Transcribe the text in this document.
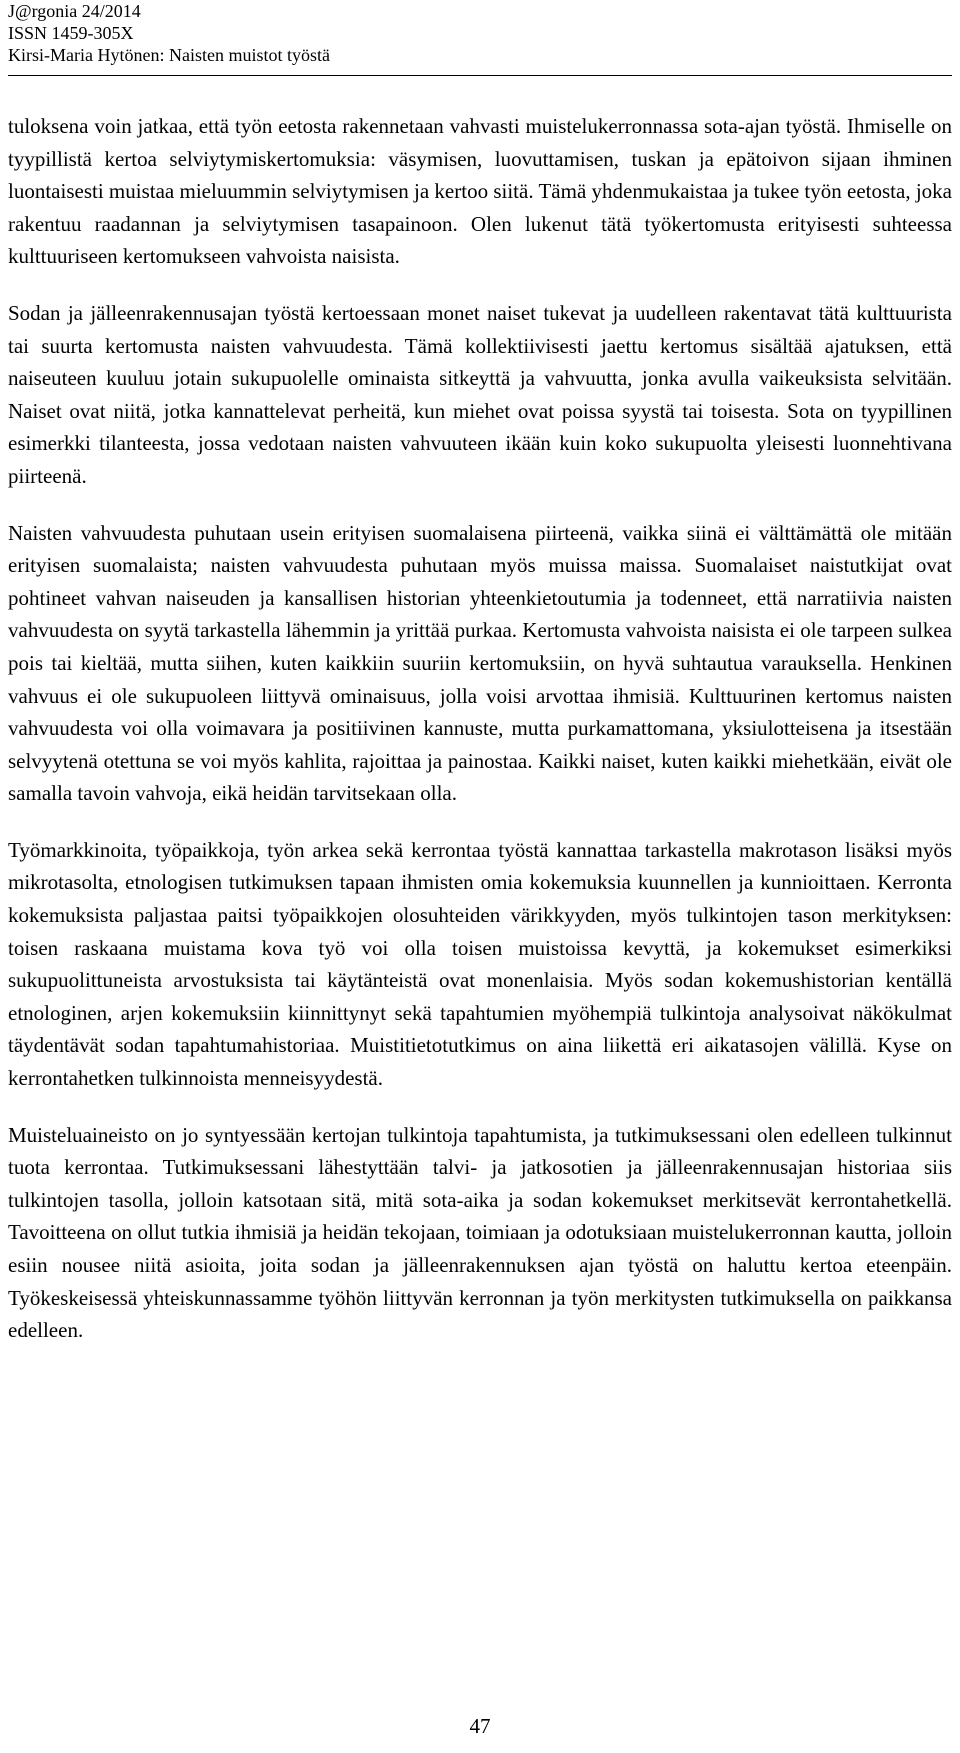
J@rgonia 24/2014
ISSN 1459-305X
Kirsi-Maria Hytönen: Naisten muistot työstä

tuloksena voin jatkaa, että työn eetosta rakennetaan vahvasti muistelukerronnassa sota-ajan työstä. Ihmiselle on tyypillistä kertoa selviytymiskertomuksia: väsymisen, luovuttamisen, tuskan ja epätoivon sijaan ihminen luontaisesti muistaa mieluummin selviytymisen ja kertoo siitä. Tämä yhdenmukaistaa ja tukee työn eetosta, joka rakentuu raadannan ja selviytymisen tasapainoon. Olen lukenut tätä työkertomusta erityisesti suhteessa kulttuuriseen kertomukseen vahvoista naisista.

Sodan ja jälleenrakennusajan työstä kertoessaan monet naiset tukevat ja uudelleen rakentavat tätä kulttuurista tai suurta kertomusta naisten vahvuudesta. Tämä kollektiivisesti jaettu kertomus sisältää ajatuksen, että naiseuteen kuuluu jotain sukupuolelle ominaista sitkeyttä ja vahvuutta, jonka avulla vaikeuksista selvitään. Naiset ovat niitä, jotka kannattelevat perheitä, kun miehet ovat poissa syystä tai toisesta. Sota on tyypillinen esimerkki tilanteesta, jossa vedotaan naisten vahvuuteen ikään kuin koko sukupuolta yleisesti luonnehtivana piirteenä.

Naisten vahvuudesta puhutaan usein erityisen suomalaisena piirteenä, vaikka siinä ei välttämättä ole mitään erityisen suomalaista; naisten vahvuudesta puhutaan myös muissa maissa. Suomalaiset naistutkijat ovat pohtineet vahvan naiseuden ja kansallisen historian yhteenkietoutumia ja todenneet, että narratiivia naisten vahvuudesta on syytä tarkastella lähemmin ja yrittää purkaa. Kertomusta vahvoista naisista ei ole tarpeen sulkea pois tai kieltää, mutta siihen, kuten kaikkiin suuriin kertomuksiin, on hyvä suhtautua varauksella. Henkinen vahvuus ei ole sukupuoleen liittyvä ominaisuus, jolla voisi arvottaa ihmisiä. Kulttuurinen kertomus naisten vahvuudesta voi olla voimavara ja positiivinen kannuste, mutta purkamattomana, yksiulotteisena ja itsestään selvyytenä otettuna se voi myös kahlita, rajoittaa ja painostaa. Kaikki naiset, kuten kaikki miehetkään, eivät ole samalla tavoin vahvoja, eikä heidän tarvitsekaan olla.

Työmarkkinoita, työpaikkoja, työn arkea sekä kerrontaa työstä kannattaa tarkastella makrotason lisäksi myös mikrotasolta, etnologisen tutkimuksen tapaan ihmisten omia kokemuksia kuunnellen ja kunnioittaen. Kerronta kokemuksista paljastaa paitsi työpaikkojen olosuhteiden värikkyyden, myös tulkintojen tason merkityksen: toisen raskaana muistama kova työ voi olla toisen muistoissa kevyttä, ja kokemukset esimerkiksi sukupuolittuneista arvostuksista tai käytänteistä ovat monenlaisia. Myös sodan kokemushistorian kentällä etnologinen, arjen kokemuksiin kiinnittynyt sekä tapahtumien myöhempiä tulkintoja analysoivat näkökulmat täydentävät sodan tapahtumahistoriaa. Muistitietotutkimus on aina liikettä eri aikatasojen välillä. Kyse on kerrontahetken tulkinnoista menneisyydestä.

Muisteluaineisto on jo syntyessään kertojan tulkintoja tapahtumista, ja tutkimuksessani olen edelleen tulkinnut tuota kerrontaa. Tutkimuksessani lähestyttään talvi- ja jatkosotien ja jälleenrakennusajan historiaa siis tulkintojen tasolla, jolloin katsotaan sitä, mitä sota-aika ja sodan kokemukset merkitsevät kerrontahetkellä. Tavoitteena on ollut tutkia ihmisiä ja heidän tekojaan, toimiaan ja odotuksiaan muistelukerronnan kautta, jolloin esiin nousee niitä asioita, joita sodan ja jälleenrakennuksen ajan työstä on haluttu kertoa eteenpäin. Työkeskeisessä yhteiskunnassamme työhön liittyvän kerronnan ja työn merkitysten tutkimuksella on paikkansa edelleen.

47
